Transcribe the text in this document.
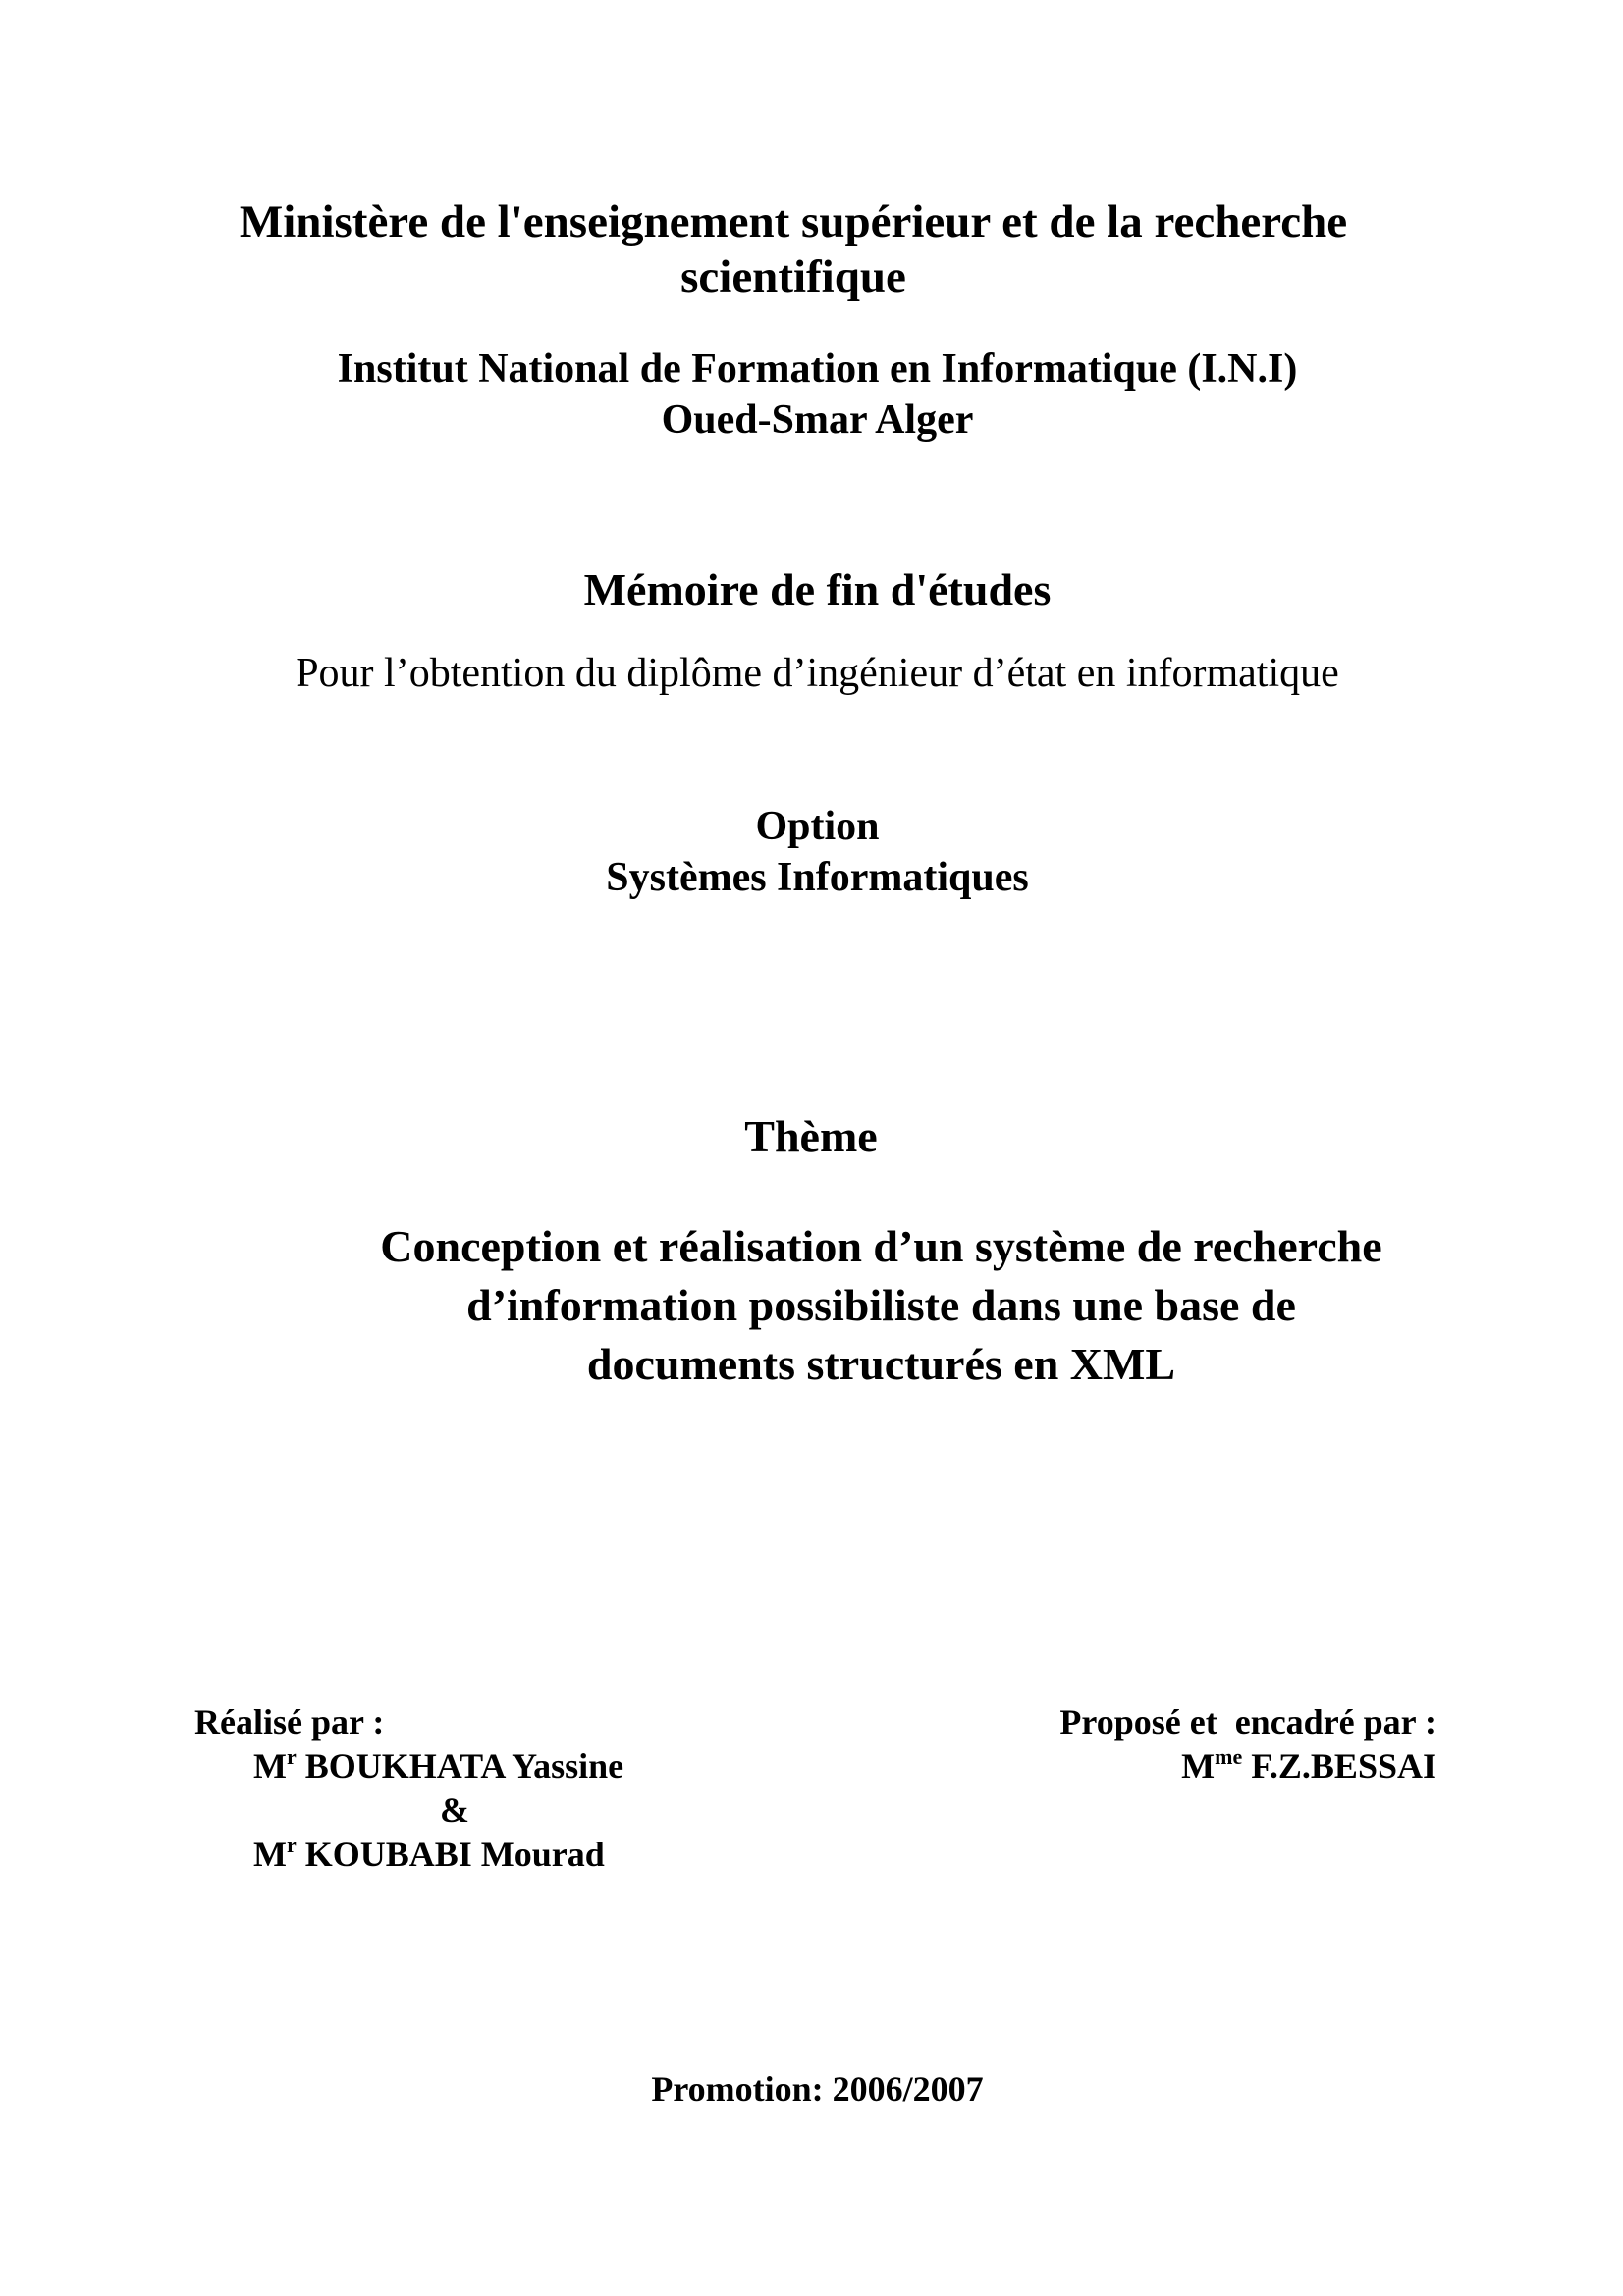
Ministère de l'enseignement supérieur et de la recherche
scientifique
Institut National de Formation en Informatique (I.N.I)
Oued-Smar Alger
Mémoire de fin d'études
Pour l’obtention du diplôme d’ingénieur d’état en informatique
Option
Systèmes Informatiques
Thème
Conception et réalisation d’un système de recherche
d’information possibiliste dans une base de
documents structurés en XML
Réalisé par :
$M^r$ BOUKHATA Yassine
&
$M^r$ KOUBABI Mourad
Proposé et  encadré par :
$M^{me}$ F.Z.BESSAI
Promotion: 2006/2007
